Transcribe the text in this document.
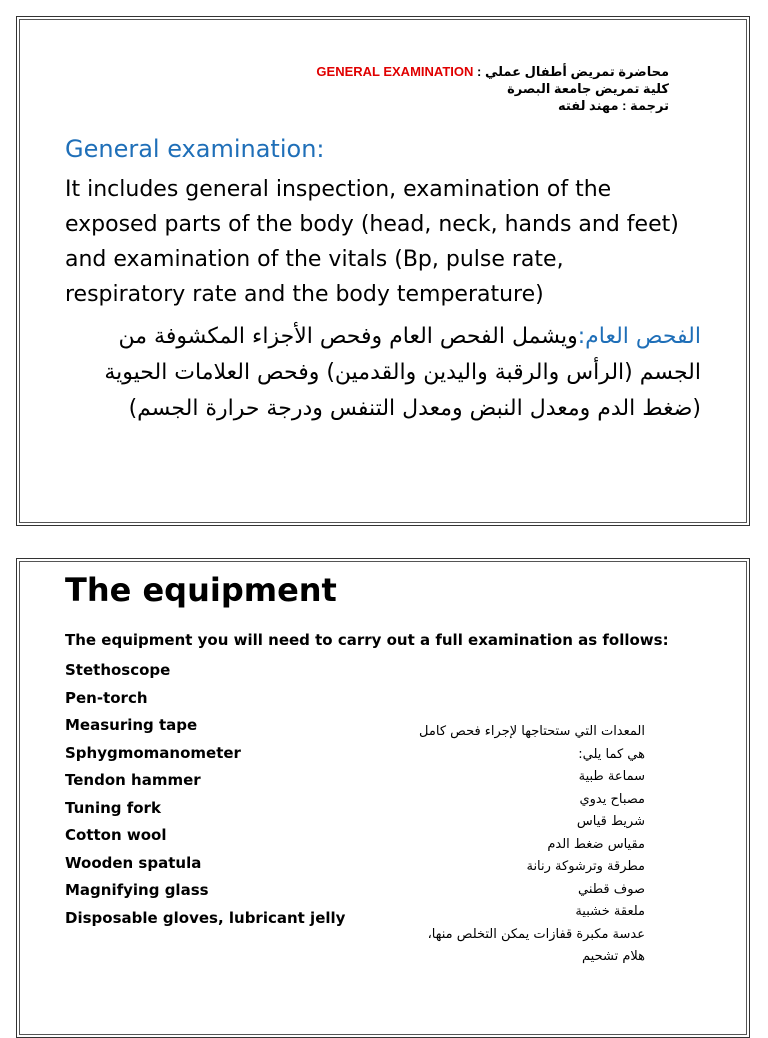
محاضرة تمريض أطفال عملي : GENERAL EXAMINATION
كلية تمريض جامعة البصرة
ترجمة : مهند لفته
General examination:
It includes general inspection, examination of the exposed parts of the body (head, neck, hands and feet) and examination of the vitals (Bp, pulse rate, respiratory rate and the body temperature)
الفحص العام:ويشمل الفحص العام وفحص الأجزاء المكشوفة من الجسم (الرأس والرقبة واليدين والقدمين) وفحص العلامات الحيوية (ضغط الدم ومعدل النبض ومعدل التنفس ودرجة حرارة الجسم)
The equipment
The equipment you will need to carry out a full examination as follows:
Stethoscope
Pen-torch
Measuring tape
Sphygmomanometer
Tendon hammer
Tuning fork
Cotton wool
Wooden spatula
Magnifying glass
Disposable gloves, lubricant jelly
المعدات التي ستحتاجها لإجراء فحص كامل
هي كما يلي:
سماعة طبية
مصباح يدوي
شريط قياس
مقياس ضغط الدم
مطرقة وترشوكة رنانة
صوف قطني
ملعقة خشبية
عدسة مكبرة قفازات يمكن التخلص منها،
هلام تشحيم
